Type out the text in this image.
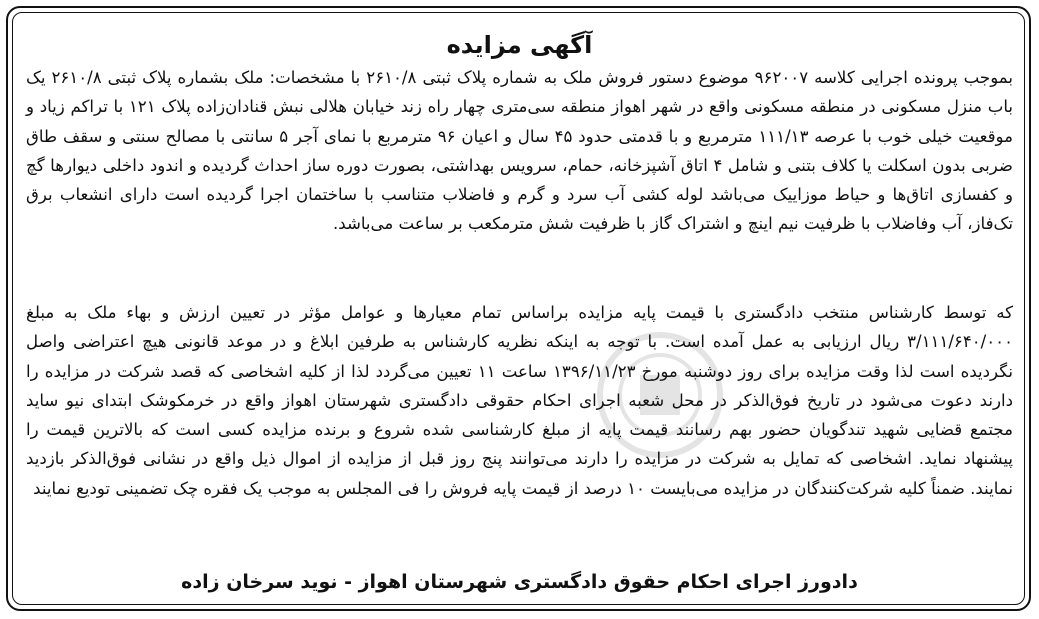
آگهی مزایده

بموجب پرونده اجرایی کلاسه ۹۶۲۰۰۷ موضوع دستور فروش ملک به شماره پلاک ثبتی ۲۶۱۰/۸ با مشخصات: ملک بشماره پلاک ثبتی ۲۶۱۰/۸ یک باب منزل مسکونی در منطقه مسکونی واقع در شهر اهواز منطقه سی‌متری چهار راه زند خیابان هلالی نبش قنادان‌زاده پلاک ۱۲۱ با تراکم زیاد و موقعیت خیلی خوب با عرصه ۱۱۱/۱۳ مترمربع و با قدمتی حدود ۴۵ سال و اعیان ۹۶ مترمربع با نمای آجر ۵ سانتی با مصالح سنتی و سقف طاق ضربی بدون اسکلت یا کلاف بتنی و شامل ۴ اتاق آشپزخانه، حمام، سرویس بهداشتی، بصورت دوره ساز احداث گردیده و اندود داخلی دیوارها گچ و کفسازی اتاق‌ها و حیاط موزاییک می‌باشد لوله کشی آب سرد و گرم و فاضلاب متناسب با ساختمان اجرا گردیده است دارای انشعاب برق تک‌فاز، آب وفاضلاب با ظرفیت نیم اینچ و اشتراک گاز با ظرفیت شش مترمکعب بر ساعت می‌باشد.

که توسط کارشناس منتخب دادگستری با قیمت پایه مزایده براساس تمام معیارها و عوامل مؤثر در تعیین ارزش و بهاء ملک به مبلغ ۳/۱۱۱/۶۴۰/۰۰۰ ریال ارزیابی به عمل آمده است. با توجه به اینکه نظریه کارشناس به طرفین ابلاغ و در موعد قانونی هیچ اعتراضی واصل نگردیده است لذا وقت مزایده برای روز دوشنبه مورخ ۱۳۹۶/۱۱/۲۳ ساعت ۱۱ تعیین می‌گردد لذا از کلیه اشخاصی که قصد شرکت در مزایده را دارند دعوت می‌شود در تاریخ فوق‌الذکر در محل شعبه اجرای احکام حقوقی دادگستری شهرستان اهواز واقع در خرمکوشک ابتدای نیو ساید مجتمع قضایی شهید تندگویان حضور بهم رسانند قیمت پایه از مبلغ کارشناسی شده شروع و برنده مزایده کسی است که بالاترین قیمت را پیشنهاد نماید. اشخاصی که تمایل به شرکت در مزایده را دارند می‌توانند پنج روز قبل از مزایده از اموال ذیل واقع در نشانی فوق‌الذکر بازدید نمایند. ضمناً کلیه شرکت‌کنندگان در مزایده می‌بایست ۱۰ درصد از قیمت پایه فروش را فی المجلس به موجب یک فقره چک تضمینی تودیع نمایند

دادورز اجرای احکام حقوق دادگستری شهرستان اهواز - نوید سرخان زاده
